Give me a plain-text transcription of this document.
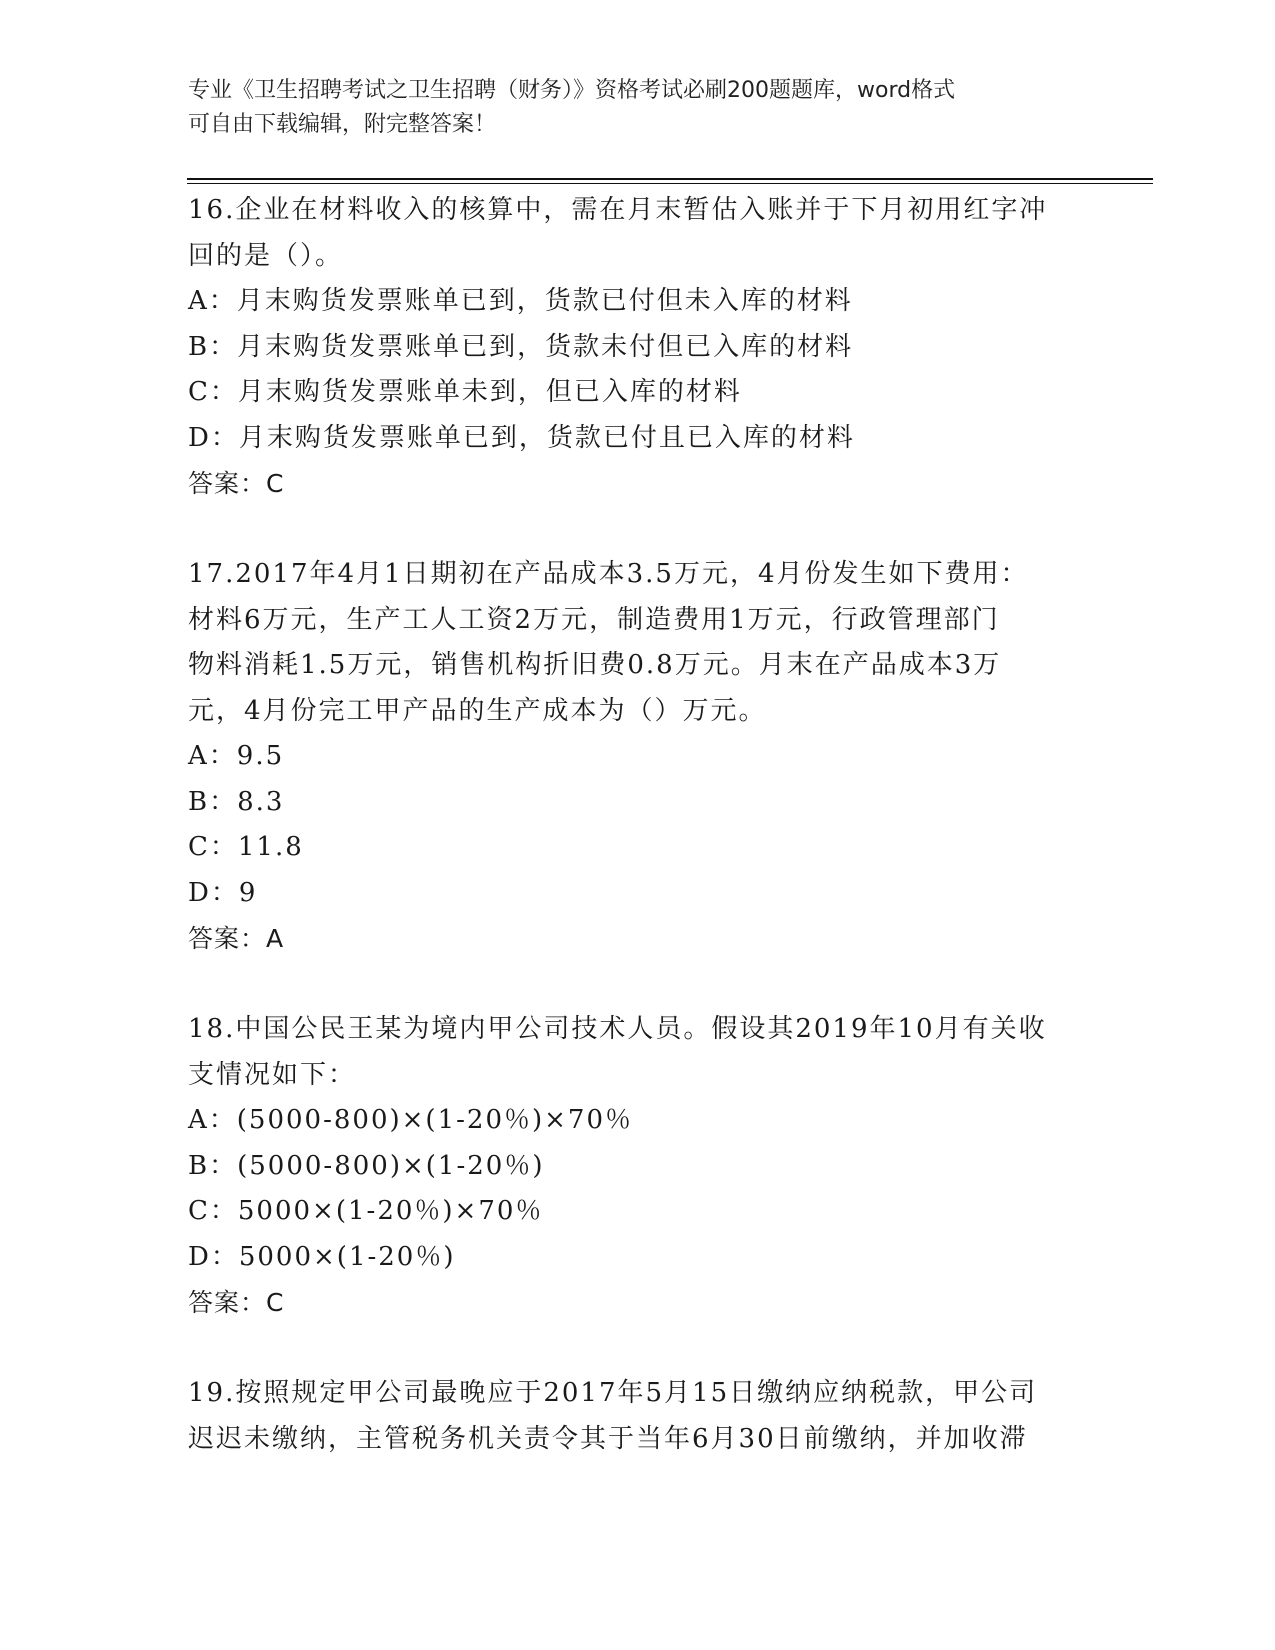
专业《卫生招聘考试之卫生招聘（财务）》资格考试必刷200题题库，word格式
可自由下载编辑，附完整答案！
16.企业在材料收入的核算中，需在月末暂估入账并于下月初用红字冲
回的是（）。
A：月末购货发票账单已到，货款已付但未入库的材料
B：月末购货发票账单已到，货款未付但已入库的材料
C：月末购货发票账单未到，但已入库的材料
D：月末购货发票账单已到，货款已付且已入库的材料
答案：C
17.2017年4月1日期初在产品成本3.5万元，4月份发生如下费用：
材料6万元，生产工人工资2万元，制造费用1万元，行政管理部门
物料消耗1.5万元，销售机构折旧费0.8万元。月末在产品成本3万
元，4月份完工甲产品的生产成本为（）万元。
A：9.5
B：8.3
C：11.8
D：9
答案：A
18.中国公民王某为境内甲公司技术人员。假设其2019年10月有关收
支情况如下：
A：(5000-800)×(1-20％)×70％
B：(5000-800)×(1-20％)
C：5000×(1-20％)×70％
D：5000×(1-20％)
答案：C
19.按照规定甲公司最晚应于2017年5月15日缴纳应纳税款，甲公司
迟迟未缴纳，主管税务机关责令其于当年6月30日前缴纳，并加收滞
